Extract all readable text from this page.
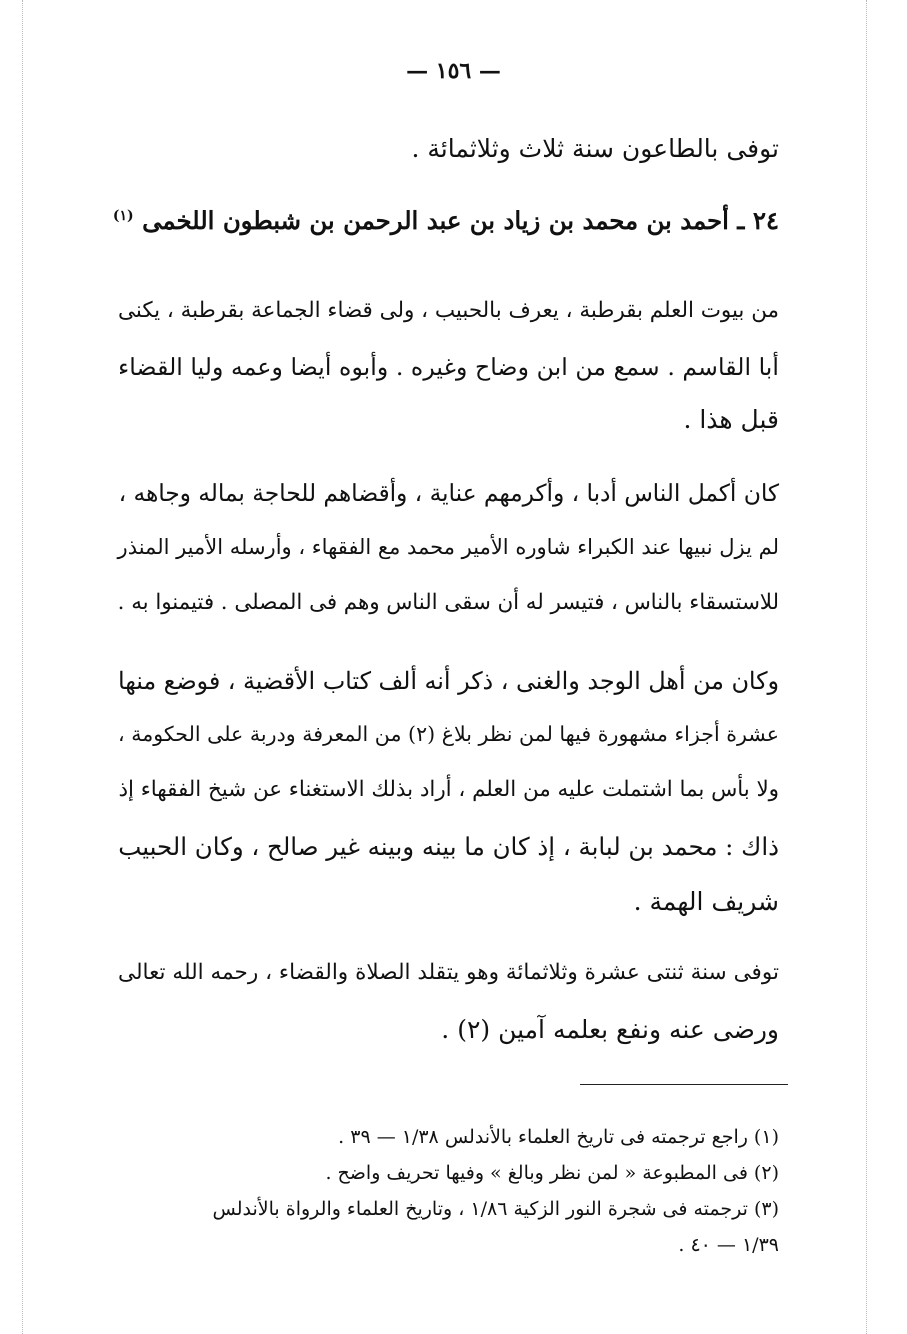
— ١٥٦ —
توفى بالطاعون سنة ثلاث وثلاثمائة .
٢٤ ـ أحمد بن محمد بن زياد بن عبد الرحمن بن شبطون اللخمى $^{(١)}$
من بيوت العلم بقرطبة ، يعرف بالحبيب ، ولى قضاء الجماعة بقرطبة ، يكنى
أبا القاسم . سمع من ابن وضاح وغيره . وأبوه أيضا وعمه وليا القضاء
قبل هذا .
كان أكمل الناس أدبا ، وأكرمهم عناية ، وأقضاهم للحاجة بماله وجاهه ،
لم يزل نبيها عند الكبراء شاوره الأمير محمد مع الفقهاء ، وأرسله الأمير المنذر
للاستسقاء بالناس ، فتيسر له أن سقى الناس وهم فى المصلى . فتيمنوا به .
وكان من أهل الوجد والغنى ، ذكر أنه ألف كتاب الأقضية ، فوضع منها
عشرة أجزاء مشهورة فيها لمن نظر بلاغ (٢) من المعرفة ودربة على الحكومة ،
ولا بأس بما اشتملت عليه من العلم ، أراد بذلك الاستغناء عن شيخ الفقهاء إذ
ذاك : محمد بن لبابة ، إذ كان ما بينه وبينه غير صالح ، وكان الحبيب
شريف الهمة .
توفى سنة ثنتى عشرة وثلاثمائة وهو يتقلد الصلاة والقضاء ، رحمه الله تعالى
ورضى عنه ونفع بعلمه آمين (٢) .
(١) راجع ترجمته فى تاريخ العلماء بالأندلس ١/٣٨ — ٣٩ .
(٢) فى المطبوعة « لمن نظر وبالغ » وفيها تحريف واضح .
(٣) ترجمته فى شجرة النور الزكية ١/٨٦ ، وتاريخ العلماء والرواة بالأندلس
١/٣٩ — ٤٠ .
